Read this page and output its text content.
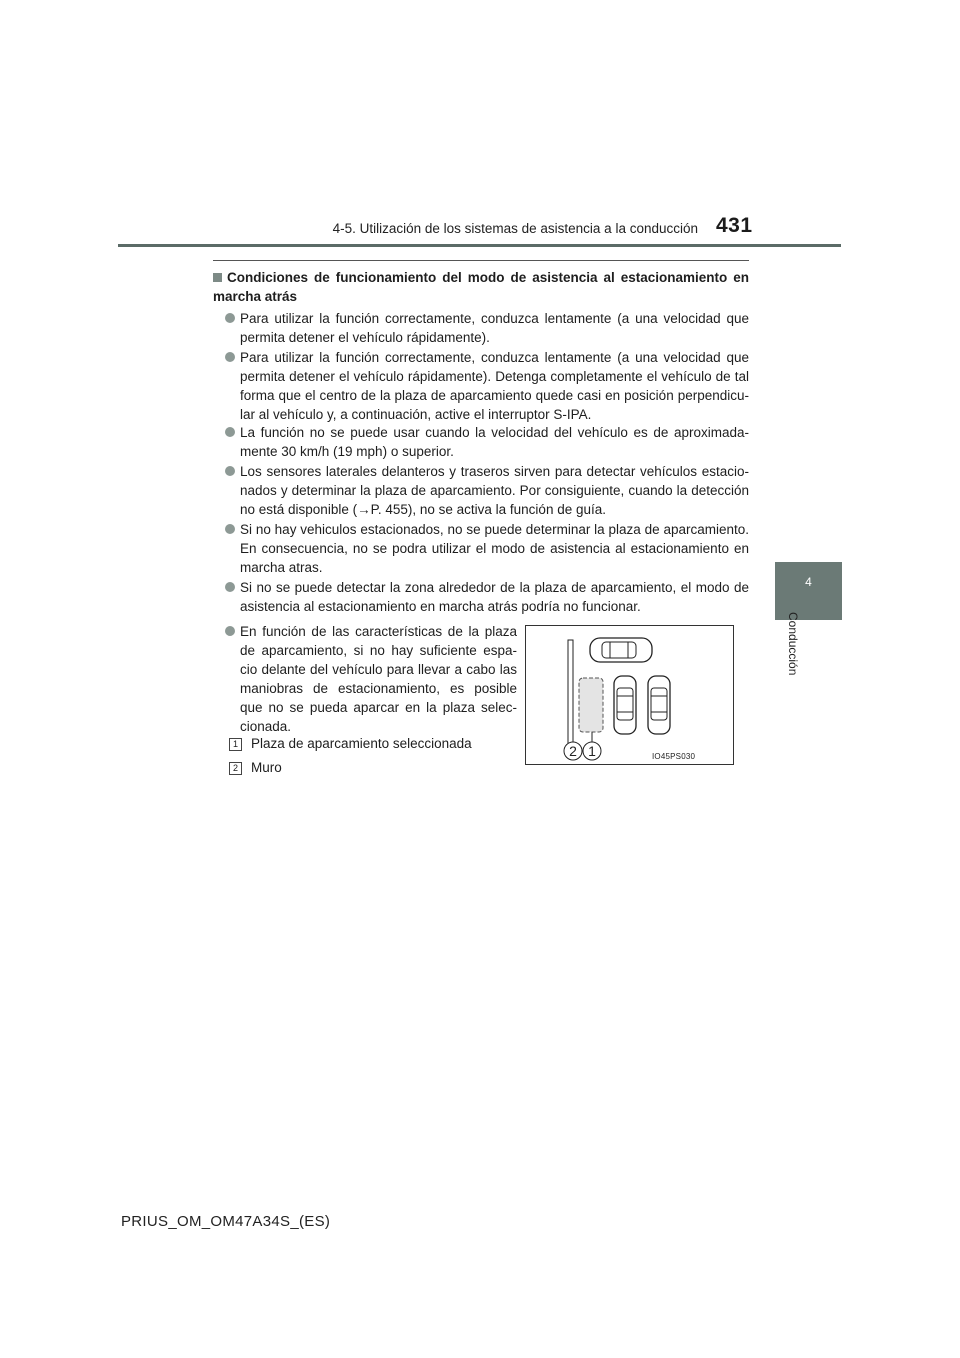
4-5. Utilización de los sistemas de asistencia a la conducción 431
4
Conducción
Condiciones de funcionamiento del modo de asistencia al estacionamiento en marcha atrás
Para utilizar la función correctamente, conduzca lentamente (a una velocidad que permita detener el vehículo rápidamente).
Para utilizar la función correctamente, conduzca lentamente (a una velocidad que permita detener el vehículo rápidamente). Detenga completamente el vehículo de tal forma que el centro de la plaza de aparcamiento quede casi en posición perpendicu-lar al vehículo y, a continuación, active el interruptor S-IPA.
La función no se puede usar cuando la velocidad del vehículo es de aproximada-mente 30 km/h (19 mph) o superior.
Los sensores laterales delanteros y traseros sirven para detectar vehículos estacio-nados y determinar la plaza de aparcamiento. Por consiguiente, cuando la detección no está disponible (→P. 455), no se activa la función de guía.
Si no hay vehiculos estacionados, no se puede determinar la plaza de aparcamiento. En consecuencia, no se podra utilizar el modo de asistencia al estacionamiento en marcha atras.
Si no se puede detectar la zona alrededor de la plaza de aparcamiento, el modo de asistencia al estacionamiento en marcha atrás podría no funcionar.
En función de las características de la plaza de aparcamiento, si no hay suficiente espa-cio delante del vehículo para llevar a cabo las maniobras de estacionamiento, es posible que no se pueda aparcar en la plaza selec-cionada.
1 Plaza de aparcamiento seleccionada
2 Muro
2 1	IO45PS030
PRIUS_OM_OM47A34S_(ES)
